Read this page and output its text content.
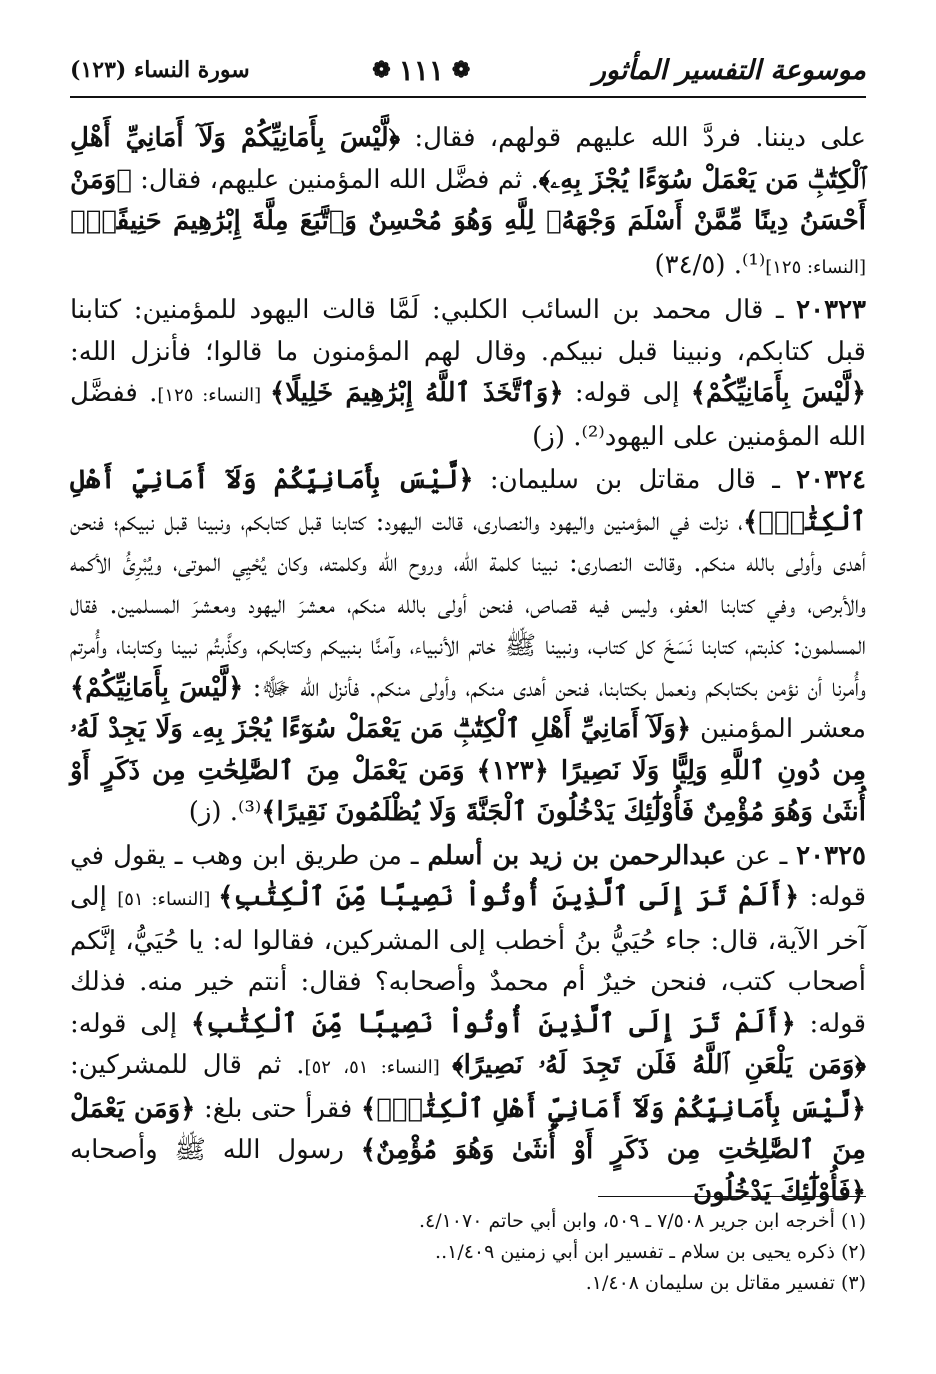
موسوعة التفسير المأثور
❁
١١١
❁
سورة النساء (١٢٣)

على ديننا. فردَّ الله عليهم قولهم، فقال: ﴿لَّيْسَ بِأَمَانِيِّكُمْ وَلَآ أَمَانِيِّ أَهْلِ ٱلْكِتَٰبِۗ مَن يَعْمَلْ سُوٓءًا يُجْزَ بِهِۦ﴾. ثم فضَّل الله المؤمنين عليهم، فقال: ﴿وَمَنْ أَحْسَنُ دِينًا مِّمَّنْ أَسْلَمَ وَجْهَهُۥ لِلَّهِ وَهُوَ مُحْسِنٌ وَٱتَّبَعَ مِلَّةَ إِبْرَٰهِيمَ حَنِيفًاۗ﴾ [النساء: ١٢٥]⁽¹⁾. (٣٤/٥)

٢٠٣٢٣ ـ قال محمد بن السائب الكلبي: لَمَّا قالت اليهود للمؤمنين: كتابنا قبل كتابكم، ونبينا قبل نبيكم. وقال لهم المؤمنون ما قالوا؛ فأنزل الله: ﴿لَّيْسَ بِأَمَانِيِّكُمْ﴾ إلى قوله: ﴿وَٱتَّخَذَ ٱللَّهُ إِبْرَٰهِيمَ خَلِيلًا﴾ [النساء: ١٢٥]. ففضَّل الله المؤمنين على اليهود⁽²⁾. (ز)

٢٠٣٢٤ ـ قال مقاتل بن سليمان: ﴿لَّيْسَ بِأَمَانِيِّكُمْ وَلَآ أَمَانِيِّ أَهْلِ ٱلْكِتَٰبِۗ﴾، نزلت في المؤمنين واليهود والنصارى، قالت اليهود: كتابنا قبل كتابكم، ونبينا قبل نبيكم؛ فنحن أهدى وأولى بالله منكم. وقالت النصارى: نبينا كلمة الله، وروح الله وكلمته، وكان يُحْيِي الموتى، ويُبْرِئُ الأكمه والأبرص، وفي كتابنا العفو، وليس فيه قصاص، فنحن أولى بالله منكم، معشرَ اليهود ومعشرَ المسلمين. فقال المسلمون: كذبتم، كتابنا نَسَخَ كل كتاب، ونبينا ﷺ خاتم الأنبياء، وآمنَّا بنبيكم وكتابكم، وكذَّبتُم نبينا وكتابنا، وأُمرتم وأُمرنا أن نؤمن بكتابكم ونعمل بكتابنا، فنحن أهدى منكم، وأولى منكم. فأنزل الله ﷻ: ﴿لَّيْسَ بِأَمَانِيِّكُمْ﴾ معشر المؤمنين ﴿وَلَآ أَمَانِيِّ أَهْلِ ٱلْكِتَٰبِۗ مَن يَعْمَلْ سُوٓءًا يُجْزَ بِهِۦ وَلَا يَجِدْ لَهُۥ مِن دُونِ ٱللَّهِ وَلِيًّا وَلَا نَصِيرًا ﴿١٢٣﴾ وَمَن يَعْمَلْ مِنَ ٱلصَّٰلِحَٰتِ مِن ذَكَرٍ أَوْ أُنثَىٰ وَهُوَ مُؤْمِنٌ فَأُوْلَٰٓئِكَ يَدْخُلُونَ ٱلْجَنَّةَ وَلَا يُظْلَمُونَ نَقِيرًا﴾⁽³⁾. (ز)

٢٠٣٢٥ ـ عن عبدالرحمن بن زيد بن أسلم ـ من طريق ابن وهب ـ يقول في قوله: ﴿أَلَمْ تَرَ إِلَى ٱلَّذِينَ أُوتُواْ نَصِيبًا مِّنَ ٱلْكِتَٰبِ﴾ [النساء: ٥١] إلى آخر الآية، قال: جاء حُيَيُّ بنُ أخطب إلى المشركين، فقالوا له: يا حُيَيُّ، إنَّكم أصحاب كتب، فنحن خيرٌ أم محمدٌ وأصحابه؟ فقال: أنتم خير منه. فذلك قوله: ﴿أَلَمْ تَرَ إِلَى ٱلَّذِينَ أُوتُواْ نَصِيبًا مِّنَ ٱلْكِتَٰبِ﴾ إلى قوله: ﴿وَمَن يَلْعَنِ ٱللَّهُ فَلَن تَجِدَ لَهُۥ نَصِيرًا﴾ [النساء: ٥١، ٥٢]. ثم قال للمشركين: ﴿لَّيْسَ بِأَمَانِيِّكُمْ وَلَآ أَمَانِيِّ أَهْلِ ٱلْكِتَٰبِۗ﴾ فقرأ حتى بلغ: ﴿وَمَن يَعْمَلْ مِنَ ٱلصَّٰلِحَٰتِ مِن ذَكَرٍ أَوْ أُنثَىٰ وَهُوَ مُؤْمِنٌ﴾ رسول الله ﷺ وأصحابه ﴿فَأُوْلَٰٓئِكَ يَدْخُلُونَ

(١) أخرجه ابن جرير ٧/٥٠٨ ـ ٥٠٩، وابن أبي حاتم ٤/١٠٧٠.
(٢) ذكره يحيى بن سلام ـ تفسير ابن أبي زمنين ١/٤٠٩..
(٣) تفسير مقاتل بن سليمان ١/٤٠٨.
